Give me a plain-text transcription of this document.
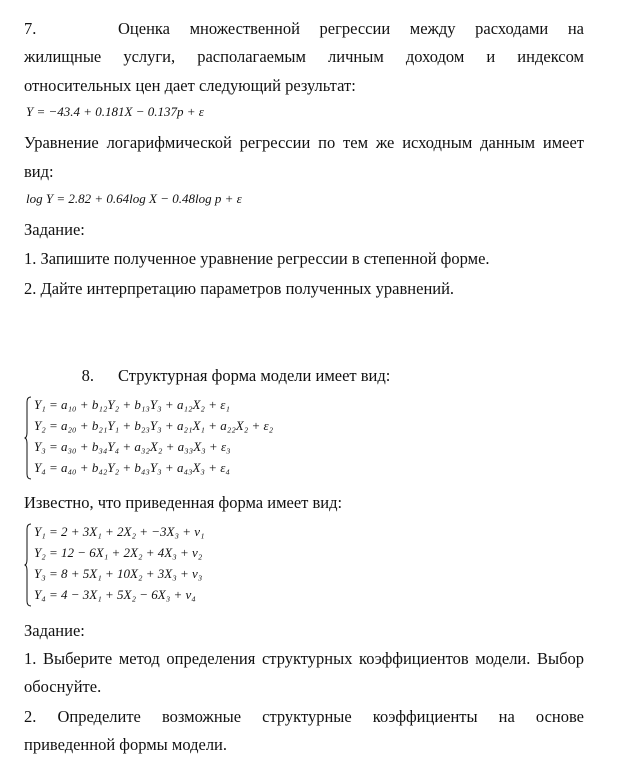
7.	Оценка множественной регрессии между расходами на
жилищные услуги, располагаемым личным доходом и индексом
относительных цен дает следующий результат:
Y = −43.4 + 0.181X − 0.137p + ε
Уравнение логарифмической регрессии по тем же исходным данным имеет
вид:
log Y = 2.82 + 0.64log X − 0.48log p + ε
Задание:
1. Запишите полученное уравнение регрессии в степенной форме.
2. Дайте интерпретацию параметров полученных уравнений.
8. Структурная форма модели имеет вид:
Y₁ = a₁₀ + b₁₂Y₂ + b₁₃Y₃ + a₁₂X₂ + ε₁
Y₂ = a₂₀ + b₂₁Y₁ + b₂₃Y₃ + a₂₁X₁ + a₂₂X₂ + ε₂
Y₃ = a₃₀ + b₃₄Y₄ + a₃₂X₂ + a₃₃X₃ + ε₃
Y₄ = a₄₀ + b₄₂Y₂ + b₄₃Y₃ + a₄₃X₃ + ε₄
Известно, что приведенная форма имеет вид:
Y₁ = 2 + 3X₁ + 2X₂ + −3X₃ + v₁
Y₂ = 12 − 6X₁ + 2X₂ + 4X₃ + v₂
Y₃ = 8 + 5X₁ + 10X₂ + 3X₃ + v₃
Y₄ = 4 − 3X₁ + 5X₂ − 6X₃ + v₄
Задание:
1. Выберите метод определения структурных коэффициентов модели. Выбор
обоснуйте.
2. Определите возможные структурные коэффициенты на основе
приведенной формы модели.
